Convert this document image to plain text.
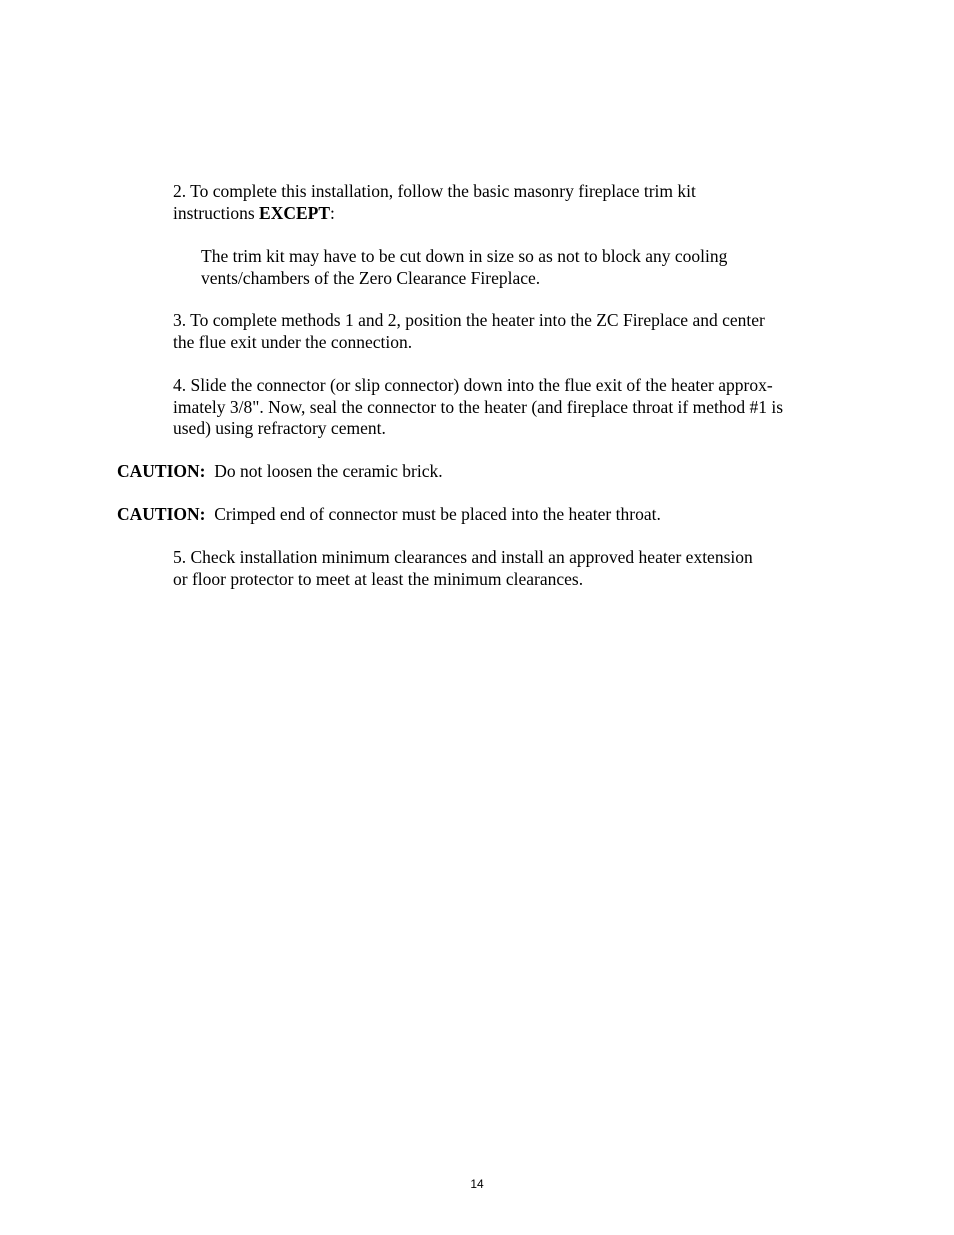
2. To complete this installation, follow the basic masonry fireplace trim kit
instructions EXCEPT:
The trim kit may have to be cut down in size so as not to block any cooling
vents/chambers of the Zero Clearance Fireplace.
3. To complete methods 1 and 2, position the heater into the ZC Fireplace and center
the flue exit under the connection.
4. Slide the connector (or slip connector) down into the flue exit of the heater approx-
imately 3/8". Now, seal the connector to the heater (and fireplace throat if method #1 is
used) using refractory cement.
CAUTION:  Do not loosen the ceramic brick.
CAUTION:  Crimped end of connector must be placed into the heater throat.
5. Check installation minimum clearances and install an approved heater extension
or floor protector to meet at least the minimum clearances.
14
